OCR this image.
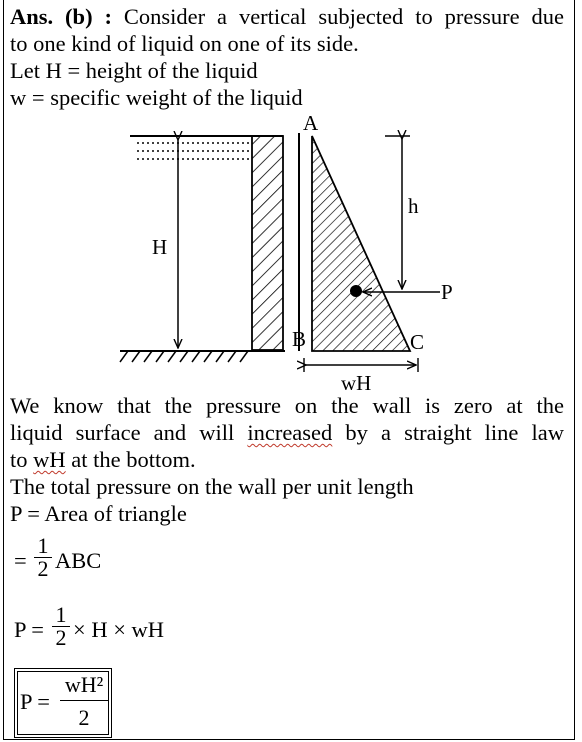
Ans. (b) : Consider a vertical subjected to pressure due
to one kind of liquid on one of its side.
Let H = height of the liquid
w = specific weight of the liquid
H
A
B	C
h
P
wH
We know that the pressure on the wall is zero at the
liquid surface and will increased by a straight line law
to wH at the bottom.
The total pressure on the wall per unit length
P = Area of triangle
=
1
2 ABC
P =
1
2 × H × wH
P =
wH²
2
